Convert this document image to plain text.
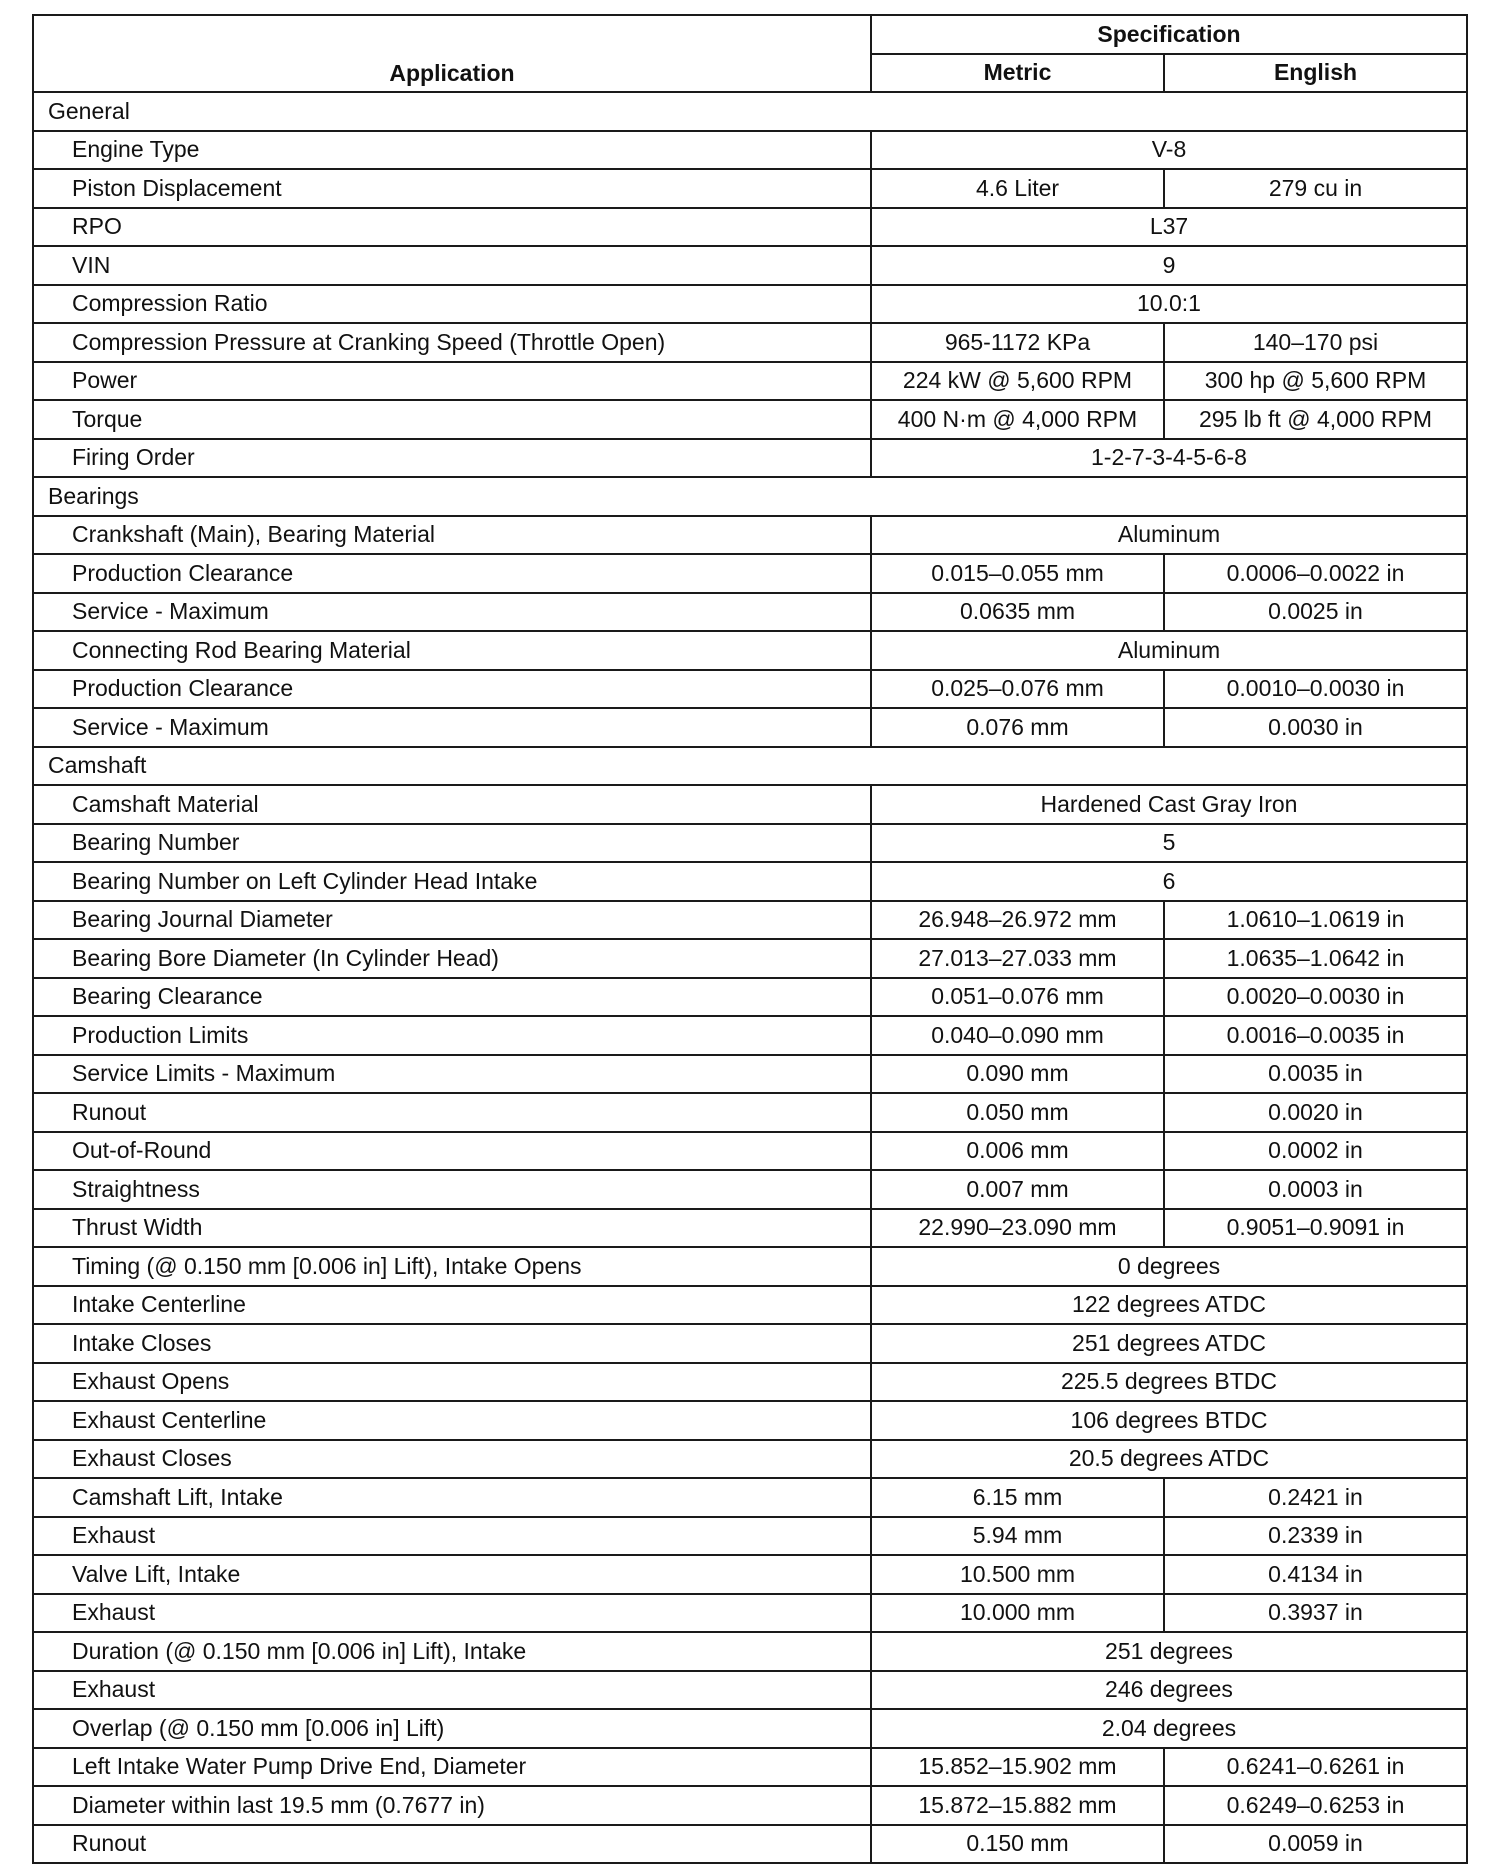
Application	Specification	
	Metric	English
General		
Engine Type	V-8	
Piston Displacement	4.6 Liter	279 cu in
RPO	L37	
VIN	9	
Compression Ratio	10.0:1	
Compression Pressure at Cranking Speed (Throttle Open)	965-1172 KPa	140–170 psi
Power	224 kW @ 5,600 RPM	300 hp @ 5,600 RPM
Torque	400 N·m @ 4,000 RPM	295 lb ft @ 4,000 RPM
Firing Order	1-2-7-3-4-5-6-8	
Bearings		
Crankshaft (Main), Bearing Material	Aluminum	
Production Clearance	0.015–0.055 mm	0.0006–0.0022 in
Service - Maximum	0.0635 mm	0.0025 in
Connecting Rod Bearing Material	Aluminum	
Production Clearance	0.025–0.076 mm	0.0010–0.0030 in
Service - Maximum	0.076 mm	0.0030 in
Camshaft		
Camshaft Material	Hardened Cast Gray Iron	
Bearing Number	5	
Bearing Number on Left Cylinder Head Intake	6	
Bearing Journal Diameter	26.948–26.972 mm	1.0610–1.0619 in
Bearing Bore Diameter (In Cylinder Head)	27.013–27.033 mm	1.0635–1.0642 in
Bearing Clearance	0.051–0.076 mm	0.0020–0.0030 in
Production Limits	0.040–0.090 mm	0.0016–0.0035 in
Service Limits - Maximum	0.090 mm	0.0035 in
Runout	0.050 mm	0.0020 in
Out-of-Round	0.006 mm	0.0002 in
Straightness	0.007 mm	0.0003 in
Thrust Width	22.990–23.090 mm	0.9051–0.9091 in
Timing (@ 0.150 mm [0.006 in] Lift), Intake Opens	0 degrees	
Intake Centerline	122 degrees ATDC	
Intake Closes	251 degrees ATDC	
Exhaust Opens	225.5 degrees BTDC	
Exhaust Centerline	106 degrees BTDC	
Exhaust Closes	20.5 degrees ATDC	
Camshaft Lift, Intake	6.15 mm	0.2421 in
Exhaust	5.94 mm	0.2339 in
Valve Lift, Intake	10.500 mm	0.4134 in
Exhaust	10.000 mm	0.3937 in
Duration (@ 0.150 mm [0.006 in] Lift), Intake	251 degrees	
Exhaust	246 degrees	
Overlap (@ 0.150 mm [0.006 in] Lift)	2.04 degrees	
Left Intake Water Pump Drive End, Diameter	15.852–15.902 mm	0.6241–0.6261 in
Diameter within last 19.5 mm (0.7677 in)	15.872–15.882 mm	0.6249–0.6253 in
Runout	0.150 mm	0.0059 in
